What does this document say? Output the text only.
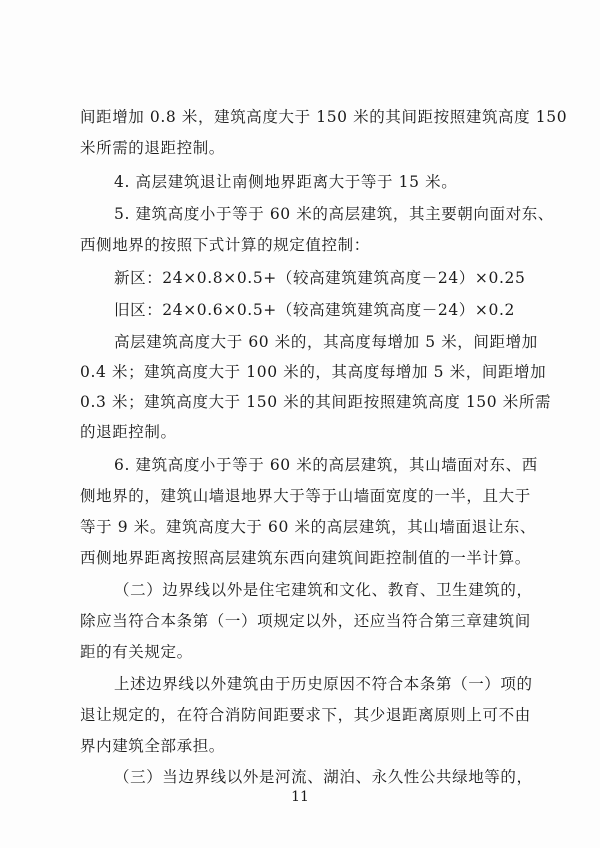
间距增加 0.8 米，建筑高度大于 150 米的其间距按照建筑高度 150
米所需的退距控制。
4. 高层建筑退让南侧地界距离大于等于 15 米。
5. 建筑高度小于等于 60 米的高层建筑，其主要朝向面对东、
西侧地界的按照下式计算的规定值控制：
新区：24×0.8×0.5+（较高建筑建筑高度－24）×0.25
旧区：24×0.6×0.5+（较高建筑建筑高度－24）×0.2
高层建筑高度大于 60 米的，其高度每增加 5 米，间距增加
0.4 米；建筑高度大于 100 米的，其高度每增加 5 米，间距增加
0.3 米；建筑高度大于 150 米的其间距按照建筑高度 150 米所需
的退距控制。
6. 建筑高度小于等于 60 米的高层建筑，其山墙面对东、西
侧地界的，建筑山墙退地界大于等于山墙面宽度的一半，且大于
等于 9 米。建筑高度大于 60 米的高层建筑，其山墙面退让东、
西侧地界距离按照高层建筑东西向建筑间距控制值的一半计算。
（二）边界线以外是住宅建筑和文化、教育、卫生建筑的，
除应当符合本条第（一）项规定以外，还应当符合第三章建筑间
距的有关规定。
上述边界线以外建筑由于历史原因不符合本条第（一）项的
退让规定的，在符合消防间距要求下，其少退距离原则上可不由
界内建筑全部承担。
（三）当边界线以外是河流、湖泊、永久性公共绿地等的，
11
